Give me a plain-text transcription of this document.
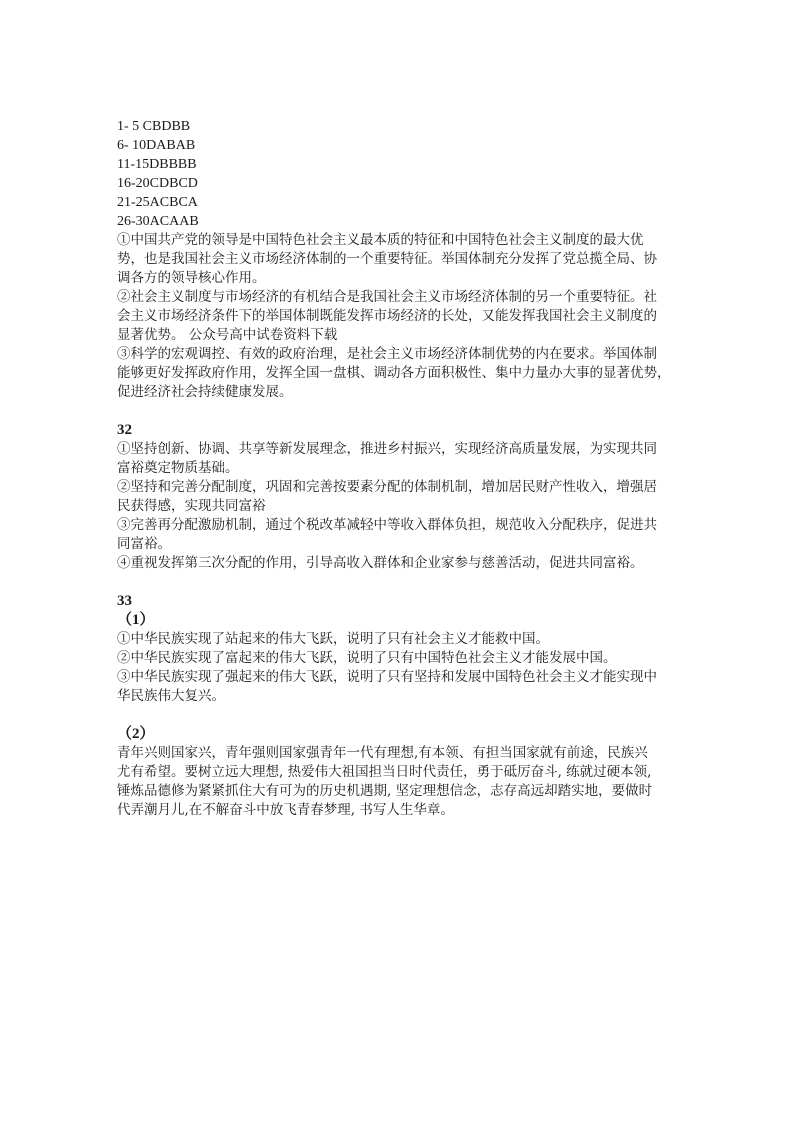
1- 5 CBDBB
6- 10DABAB
11-15DBBBB
16-20CDBCD
21-25ACBCA
26-30ACAAB
①中国共产党的领导是中国特色社会主义最本质的特征和中国特色社会主义制度的最大优
势，也是我国社会主义市场经济体制的一个重要特征。举国体制充分发挥了党总揽全局、协
调各方的领导核心作用。
②社会主义制度与市场经济的有机结合是我国社会主义市场经济体制的另一个重要特征。社
会主义市场经济条件下的举国体制既能发挥市场经济的长处，又能发挥我国社会主义制度的
显著优势。 公众号高中试卷资料下载
③科学的宏观调控、有效的政府治理，是社会主义市场经济体制优势的内在要求。举国体制
能够更好发挥政府作用，发挥全国一盘棋、调动各方面积极性、集中力量办大事的显著优势，
促进经济社会持续健康发展。
32
①坚持创新、协调、共享等新发展理念，推进乡村振兴，实现经济高质量发展，为实现共同
富裕奠定物质基础。
②坚持和完善分配制度，巩固和完善按要素分配的体制机制，增加居民财产性收入，增强居
民获得感，实现共同富裕
③完善再分配激励机制，通过个税改革减轻中等收入群体负担，规范收入分配秩序，促进共
同富裕。
④重视发挥第三次分配的作用，引导高收入群体和企业家参与慈善活动，促进共同富裕。
33
（1）
①中华民族实现了站起来的伟大飞跃，说明了只有社会主义才能救中国。
②中华民族实现了富起来的伟大飞跃，说明了只有中国特色社会主义才能发展中国。
③中华民族实现了强起来的伟大飞跃，说明了只有坚持和发展中国特色社会主义才能实现中
华民族伟大复兴。
（2）
青年兴则国家兴，青年强则国家强青年一代有理想,有本领、有担当国家就有前途，民族兴
尤有希望。要树立远大理想, 热爱伟大祖国担当日时代责任，勇于砥厉奋斗, 练就过硬本领,
锤炼品德修为紧紧抓住大有可为的历史机遇期, 坚定理想信念，志存高远却踏实地，要做时
代弄潮月儿,在不解奋斗中放飞青春梦理, 书写人生华章。
